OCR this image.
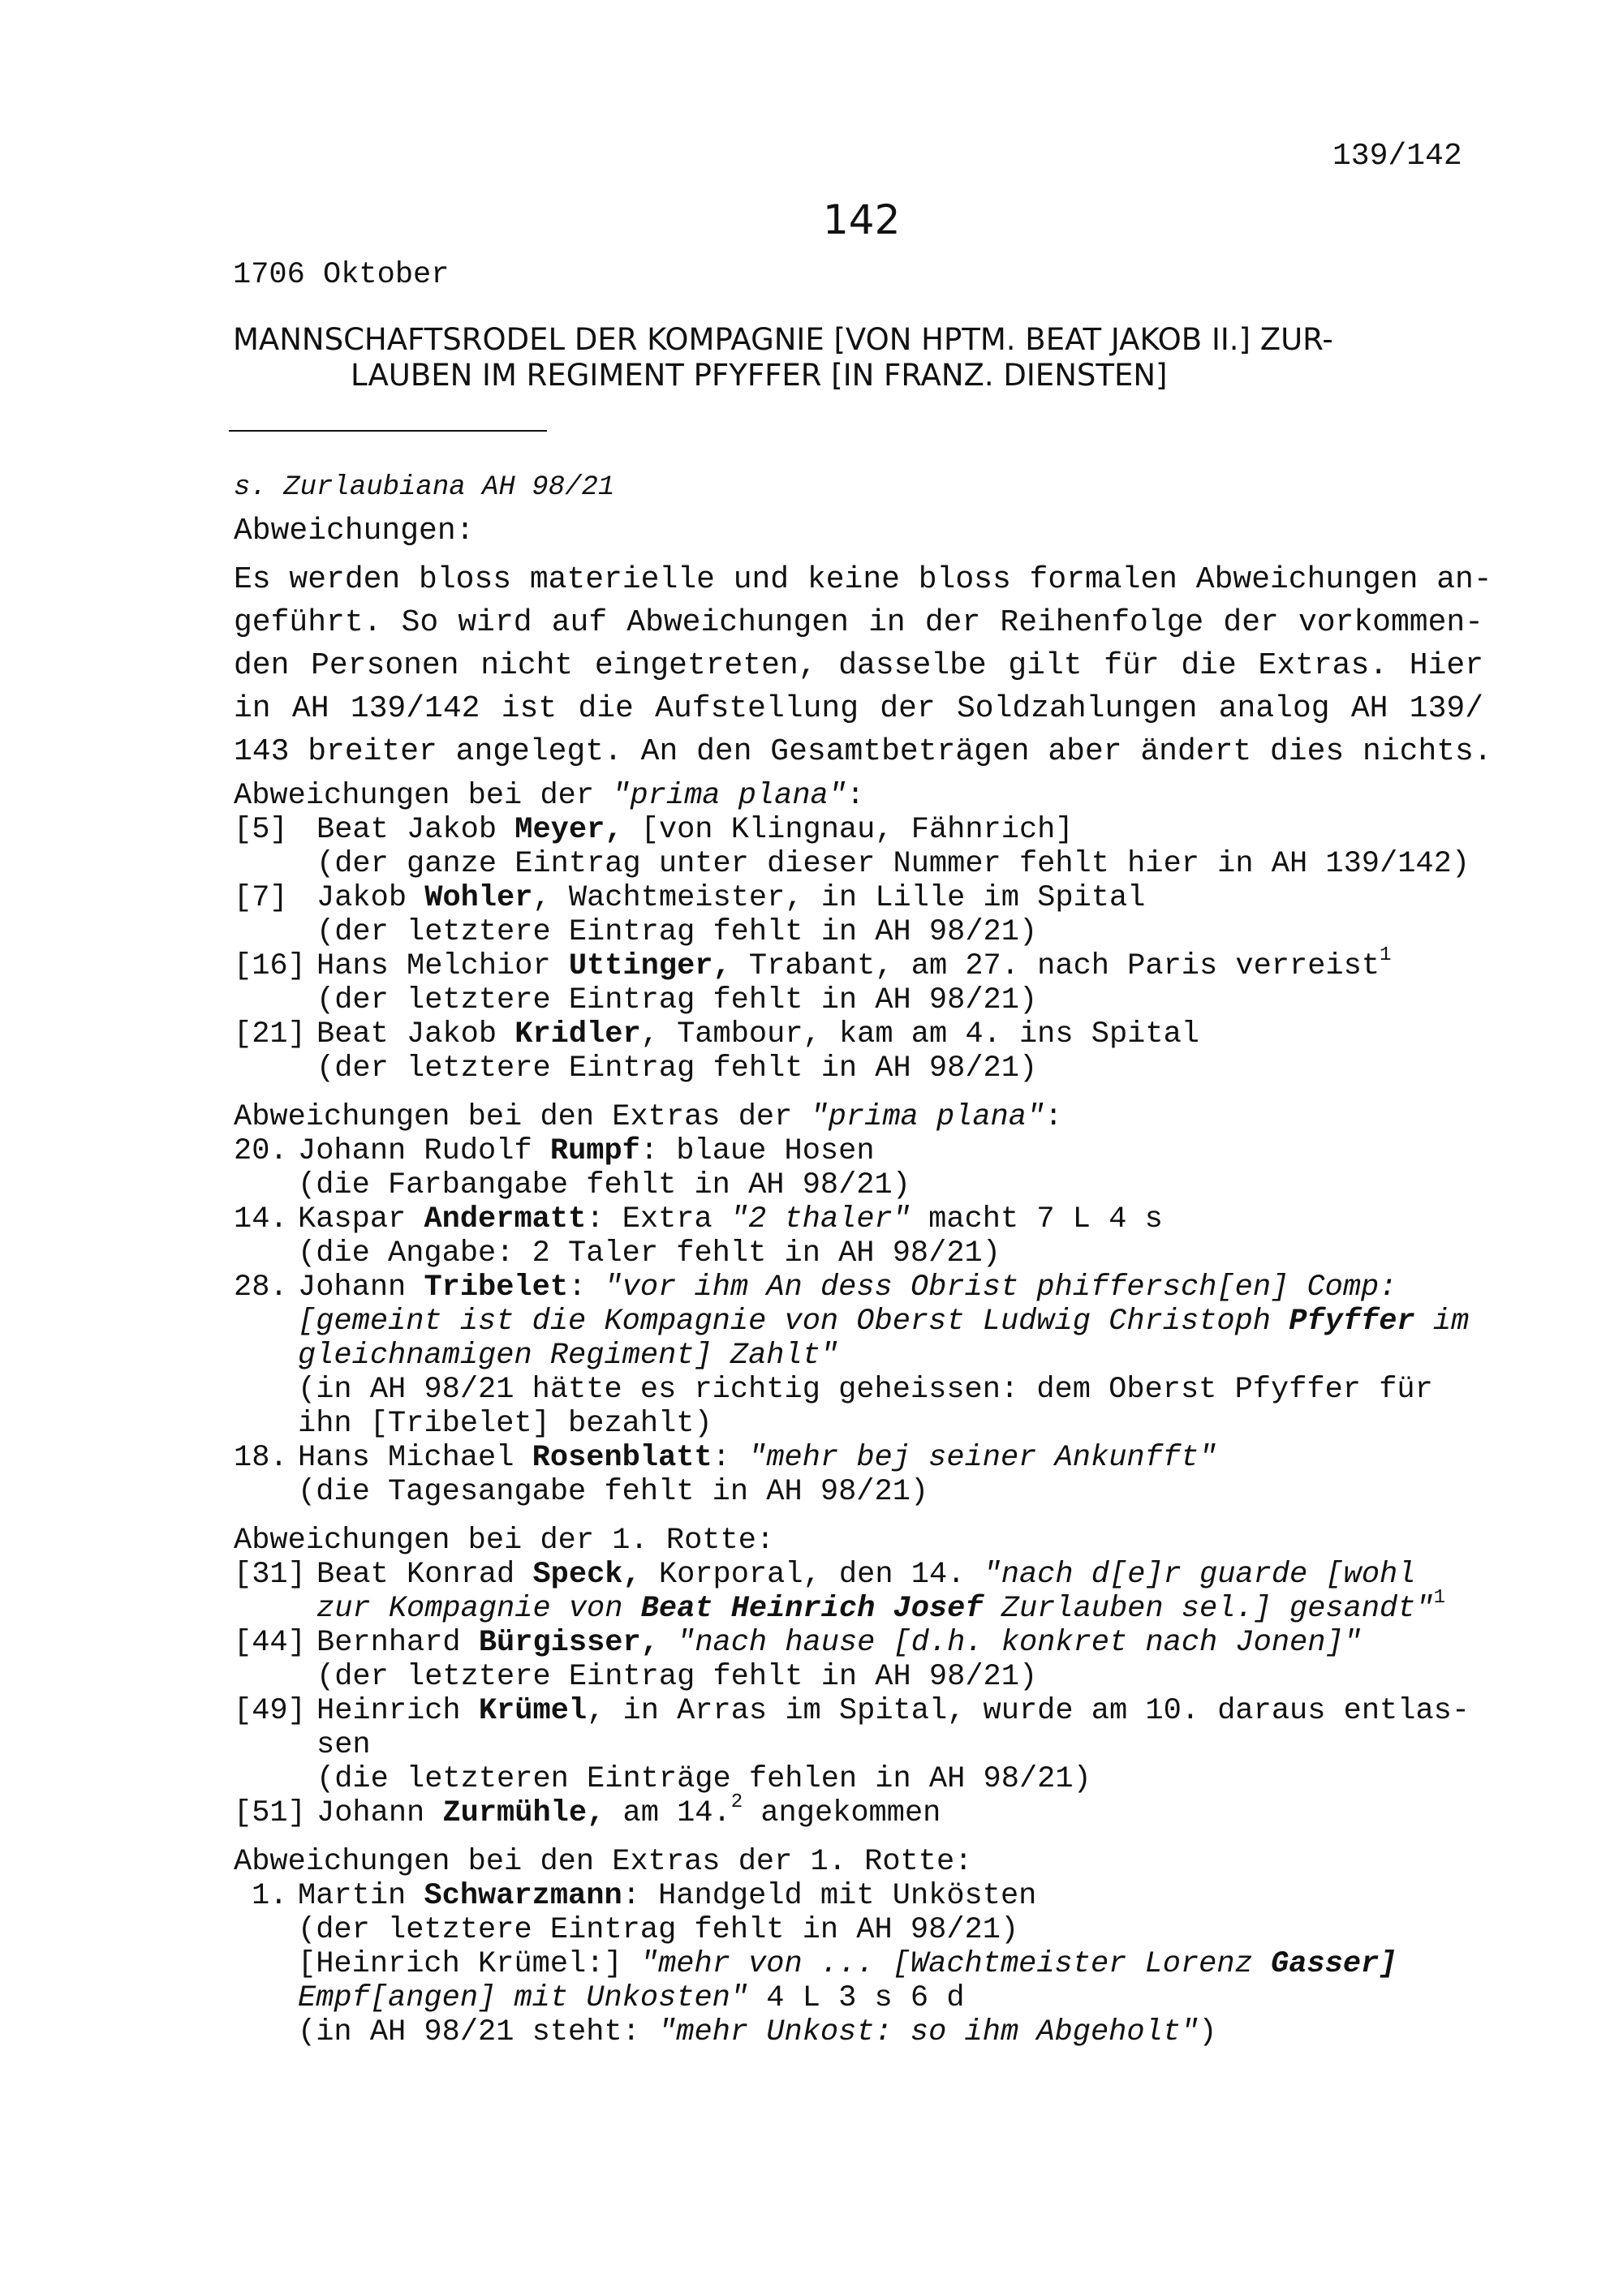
139/142
142
1706 Oktober
MANNSCHAFTSRODEL DER KOMPAGNIE [VON HPTM. BEAT JAKOB II.] ZUR-
LAUBEN IM REGIMENT PFYFFER [IN FRANZ. DIENSTEN]
s. Zurlaubiana AH 98/21
Abweichungen:
Es werden bloss materielle und keine bloss formalen Abweichungen an-
geführt. So wird auf Abweichungen in der Reihenfolge der vorkommen-
den Personen nicht eingetreten, dasselbe gilt für die Extras. Hier
in AH 139/142 ist die Aufstellung der Soldzahlungen analog AH 139/
143 breiter angelegt. An den Gesamtbeträgen aber ändert dies nichts.
Abweichungen bei der "prima plana":
[5] Beat Jakob Meyer, [von Klingnau, Fähnrich]
(der ganze Eintrag unter dieser Nummer fehlt hier in AH 139/142)
[7] Jakob Wohler, Wachtmeister, in Lille im Spital
(der letztere Eintrag fehlt in AH 98/21)
[16] Hans Melchior Uttinger, Trabant, am 27. nach Paris verreist$^1$
(der letztere Eintrag fehlt in AH 98/21)
[21] Beat Jakob Kridler, Tambour, kam am 4. ins Spital
(der letztere Eintrag fehlt in AH 98/21)
Abweichungen bei den Extras der "prima plana":
20. Johann Rudolf Rumpf: blaue Hosen
(die Farbangabe fehlt in AH 98/21)
14. Kaspar Andermatt: Extra "2 thaler" macht 7 L 4 s
(die Angabe: 2 Taler fehlt in AH 98/21)
28. Johann Tribelet: "vor ihm An dess Obrist phiffersch[en] Comp:
[gemeint ist die Kompagnie von Oberst Ludwig Christoph Pfyffer im
gleichnamigen Regiment] Zahlt"
(in AH 98/21 hätte es richtig geheissen: dem Oberst Pfyffer für
ihn [Tribelet] bezahlt)
18. Hans Michael Rosenblatt: "mehr bej seiner Ankunfft"
(die Tagesangabe fehlt in AH 98/21)
Abweichungen bei der 1. Rotte:
[31] Beat Konrad Speck, Korporal, den 14. "nach d[e]r guarde [wohl
zur Kompagnie von Beat Heinrich Josef Zurlauben sel.] gesandt"$^1$
[44] Bernhard Bürgisser, "nach hause [d.h. konkret nach Jonen]"
(der letztere Eintrag fehlt in AH 98/21)
[49] Heinrich Krümel, in Arras im Spital, wurde am 10. daraus entlas-
sen
(die letzteren Einträge fehlen in AH 98/21)
[51] Johann Zurmühle, am 14.$^2$ angekommen
Abweichungen bei den Extras der 1. Rotte:
1. Martin Schwarzmann: Handgeld mit Unkösten
(der letztere Eintrag fehlt in AH 98/21)
[Heinrich Krümel:] "mehr von ... [Wachtmeister Lorenz Gasser]
Empf[angen] mit Unkosten" 4 L 3 s 6 d
(in AH 98/21 steht: "mehr Unkost: so ihm Abgeholt")
